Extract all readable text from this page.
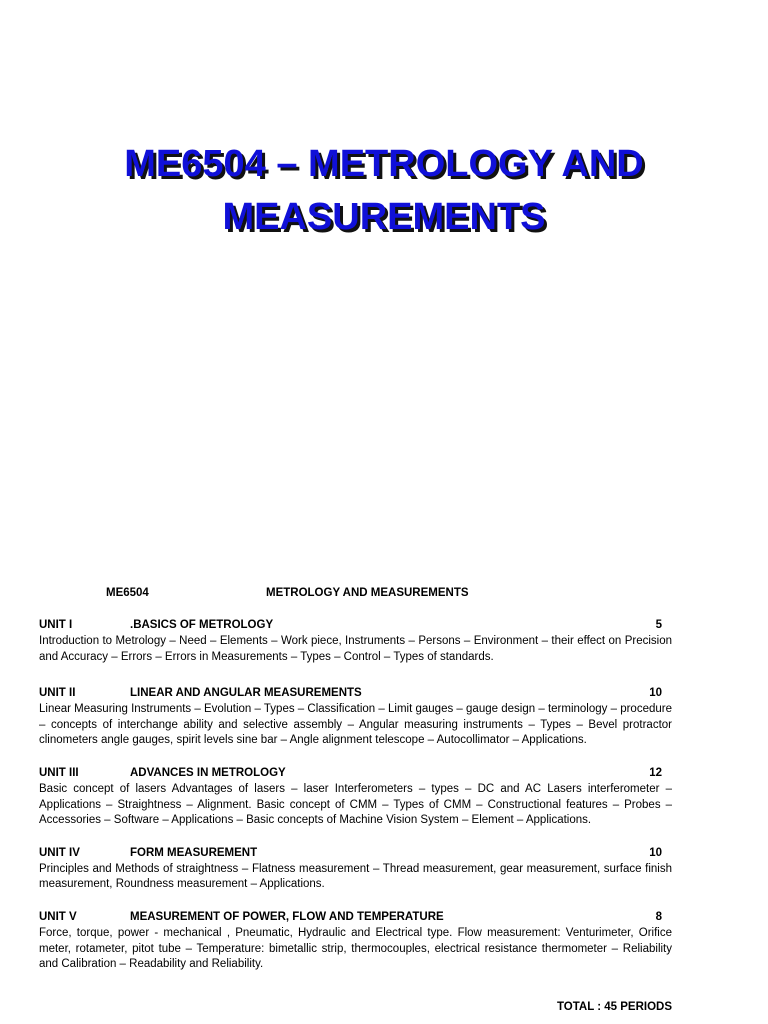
ME6504 – METROLOGY AND
MEASUREMENTS
ME6504	METROLOGY AND MEASUREMENTS
UNIT I	.BASICS OF METROLOGY	5
Introduction to Metrology – Need – Elements – Work piece, Instruments – Persons – Environment – their effect on Precision and Accuracy – Errors – Errors in Measurements – Types – Control – Types of standards.
UNIT II	LINEAR AND ANGULAR MEASUREMENTS	10
Linear Measuring Instruments – Evolution – Types – Classification – Limit gauges – gauge design – terminology – procedure – concepts of interchange ability and selective assembly – Angular measuring instruments – Types – Bevel protractor clinometers angle gauges, spirit levels sine bar – Angle alignment telescope – Autocollimator – Applications.
UNIT III	ADVANCES IN METROLOGY	12
Basic concept of lasers Advantages of lasers – laser Interferometers – types – DC and AC Lasers interferometer – Applications – Straightness – Alignment. Basic concept of CMM – Types of CMM – Constructional features – Probes – Accessories – Software – Applications – Basic concepts of Machine Vision System – Element – Applications.
UNIT IV	FORM MEASUREMENT	10
Principles and Methods of straightness – Flatness measurement – Thread measurement, gear measurement, surface finish measurement, Roundness measurement – Applications.
UNIT V	MEASUREMENT OF POWER, FLOW AND TEMPERATURE	8
Force, torque, power - mechanical , Pneumatic, Hydraulic and Electrical type. Flow measurement: Venturimeter, Orifice meter, rotameter, pitot tube – Temperature: bimetallic strip, thermocouples, electrical resistance thermometer – Reliability and Calibration – Readability and Reliability.
TOTAL : 45 PERIODS
